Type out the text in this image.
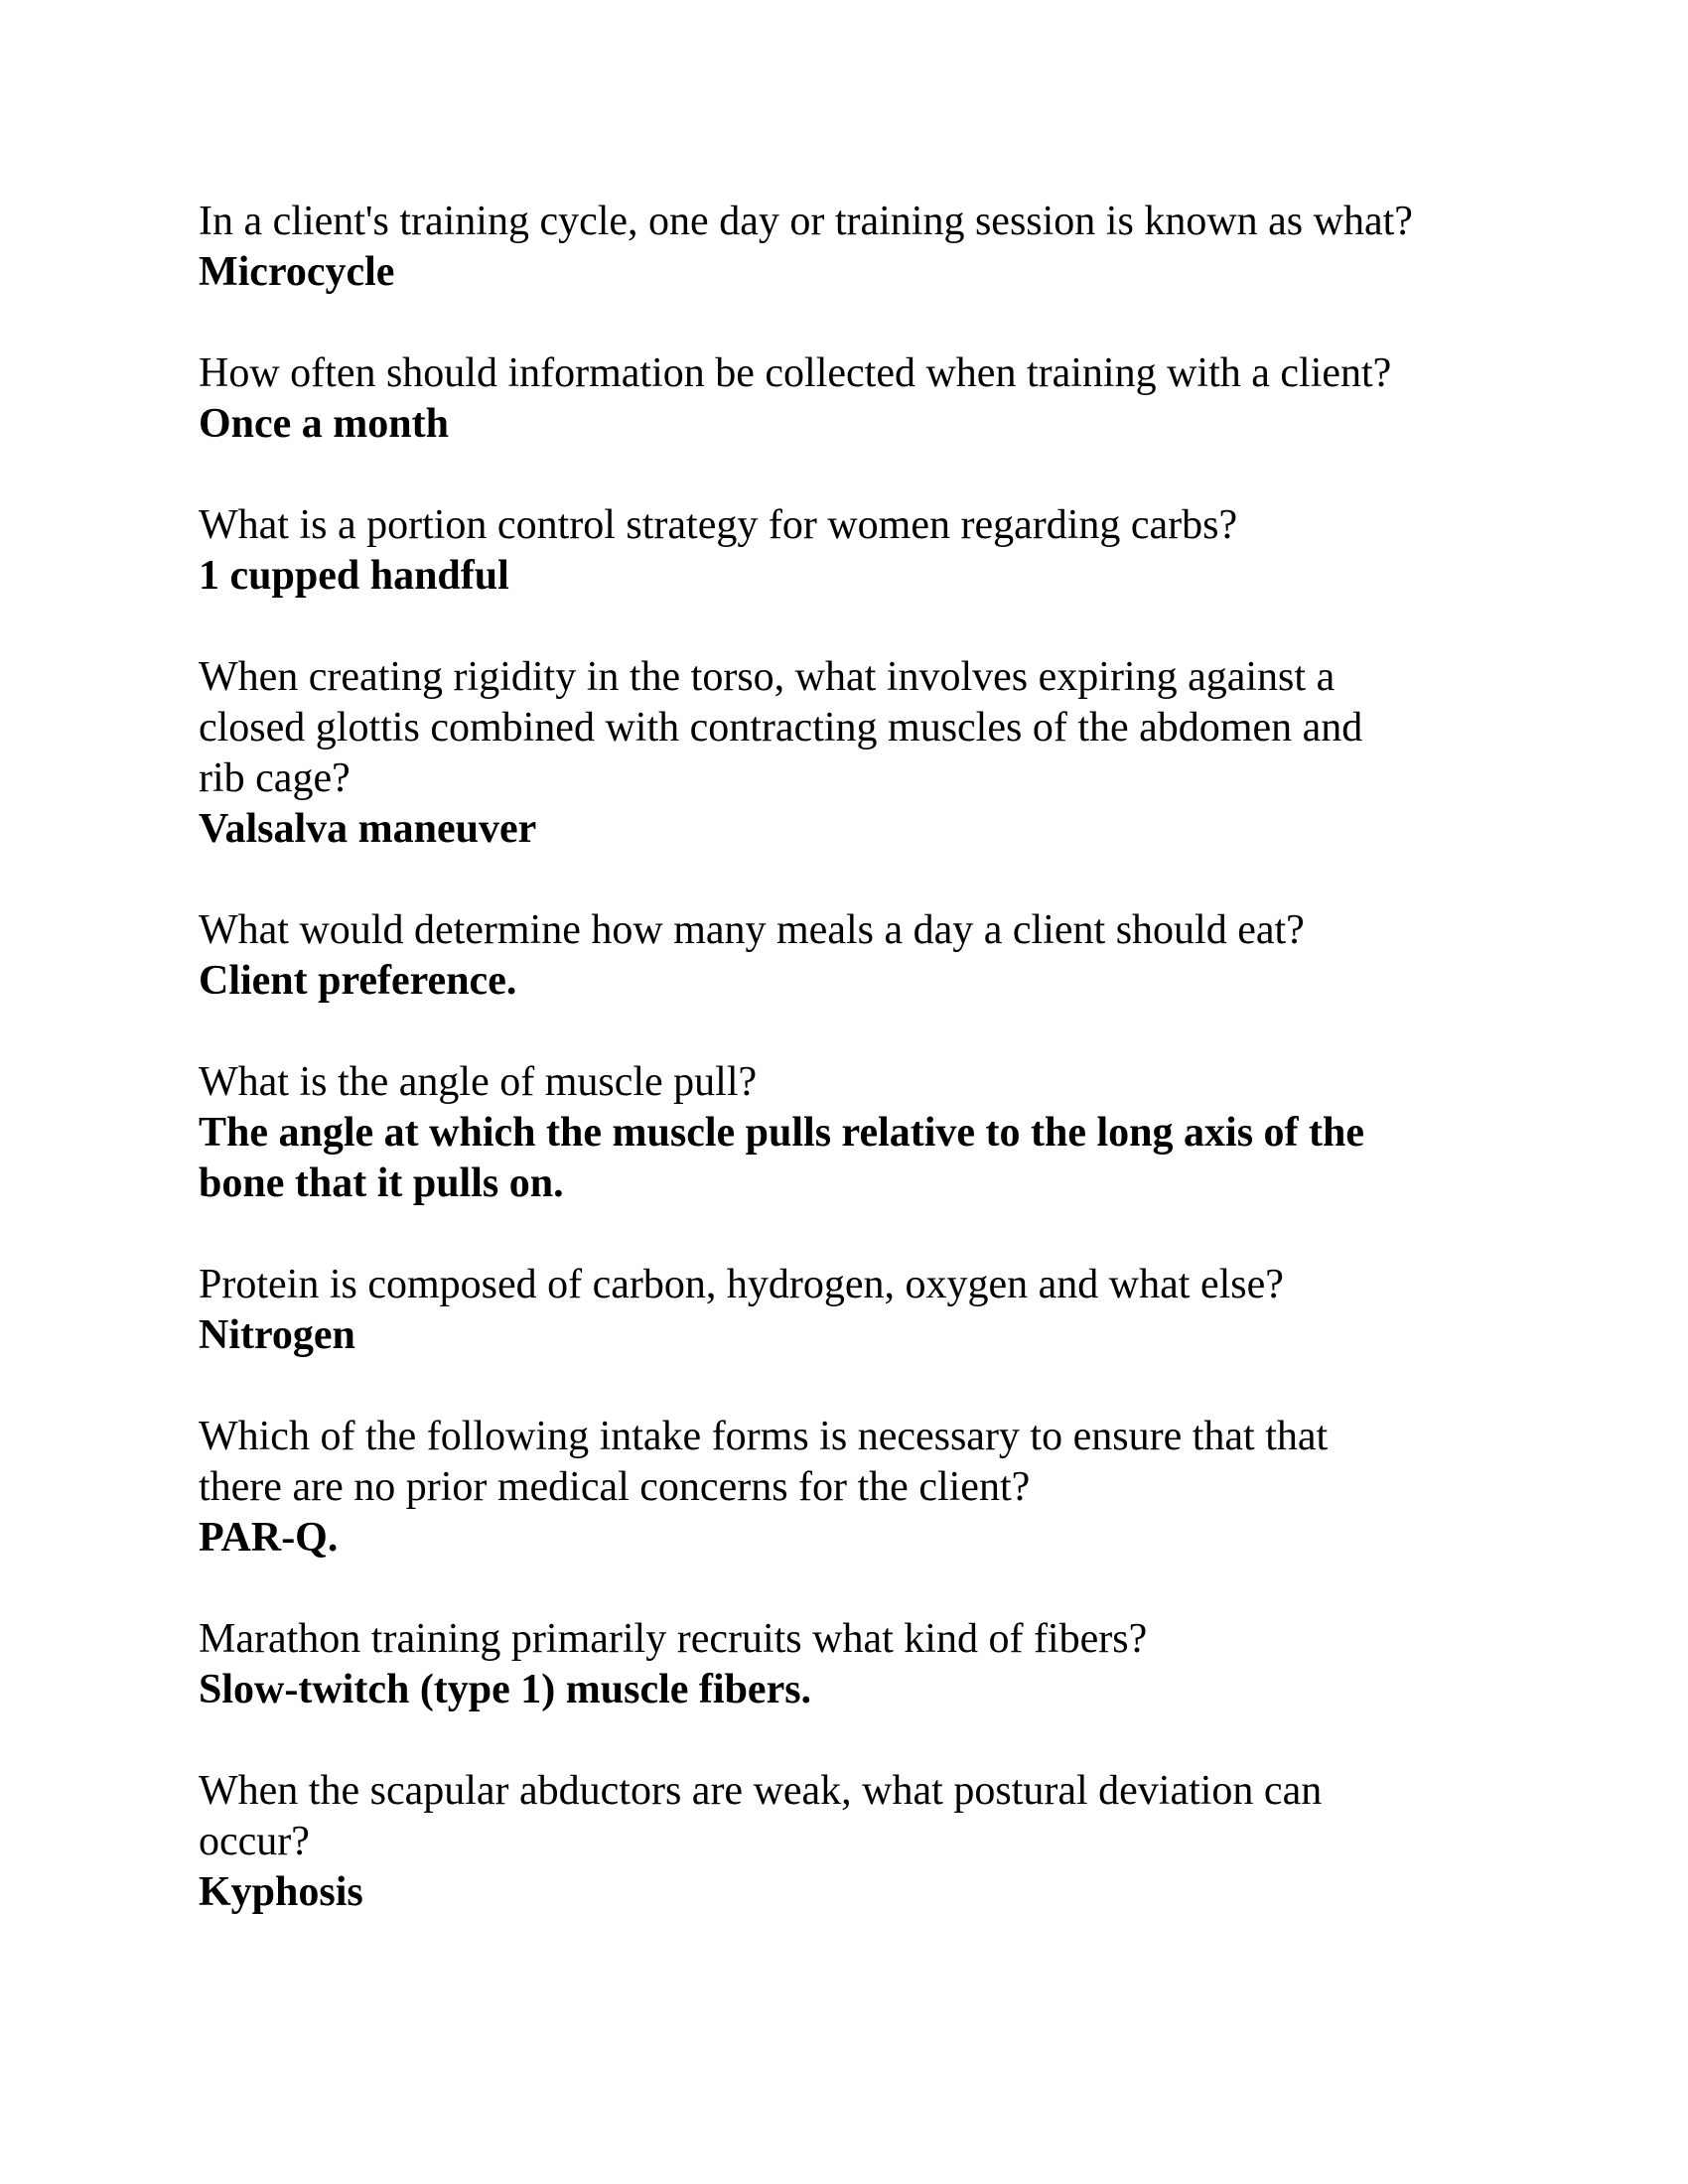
In a client's training cycle, one day or training session is known as what?

Microcycle

How often should information be collected when training with a client?

Once a month

What is a portion control strategy for women regarding carbs?

1 cupped handful

When creating rigidity in the torso, what involves expiring against a
closed glottis combined with contracting muscles of the abdomen and
rib cage?

Valsalva maneuver

What would determine how many meals a day a client should eat?

Client preference.

What is the angle of muscle pull?

The angle at which the muscle pulls relative to the long axis of the
bone that it pulls on.

Protein is composed of carbon, hydrogen, oxygen and what else?

Nitrogen

Which of the following intake forms is necessary to ensure that that
there are no prior medical concerns for the client?

PAR-Q.

Marathon training primarily recruits what kind of fibers?

Slow-twitch (type 1) muscle fibers.

When the scapular abductors are weak, what postural deviation can
occur?

Kyphosis
